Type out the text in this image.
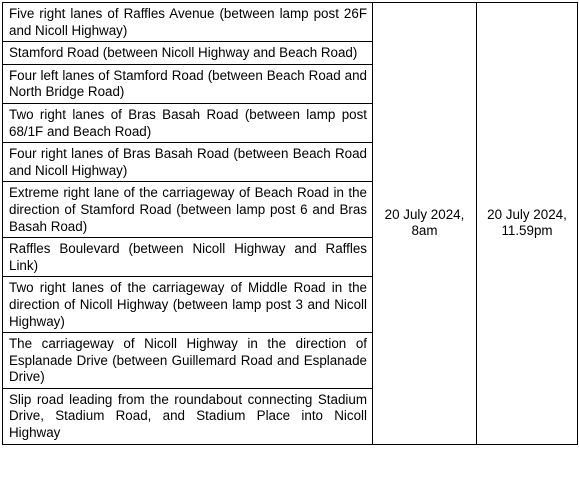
Five right lanes of Raffles Avenue (between lamp post 26F and Nicoll Highway)	20 July 2024, 8am	20 July 2024, 11.59pm
Stamford Road (between Nicoll Highway and Beach Road)
Four left lanes of Stamford Road (between Beach Road and North Bridge Road)
Two right lanes of Bras Basah Road (between lamp post 68/1F and Beach Road)
Four right lanes of Bras Basah Road (between Beach Road and Nicoll Highway)
Extreme right lane of the carriageway of Beach Road in the direction of Stamford Road (between lamp post 6 and Bras Basah Road)
Raffles Boulevard (between Nicoll Highway and Raffles Link)
Two right lanes of the carriageway of Middle Road in the direction of Nicoll Highway (between lamp post 3 and Nicoll Highway)
The carriageway of Nicoll Highway in the direction of Esplanade Drive (between Guillemard Road and Esplanade Drive)
Slip road leading from the roundabout connecting Stadium Drive, Stadium Road, and Stadium Place into Nicoll Highway
